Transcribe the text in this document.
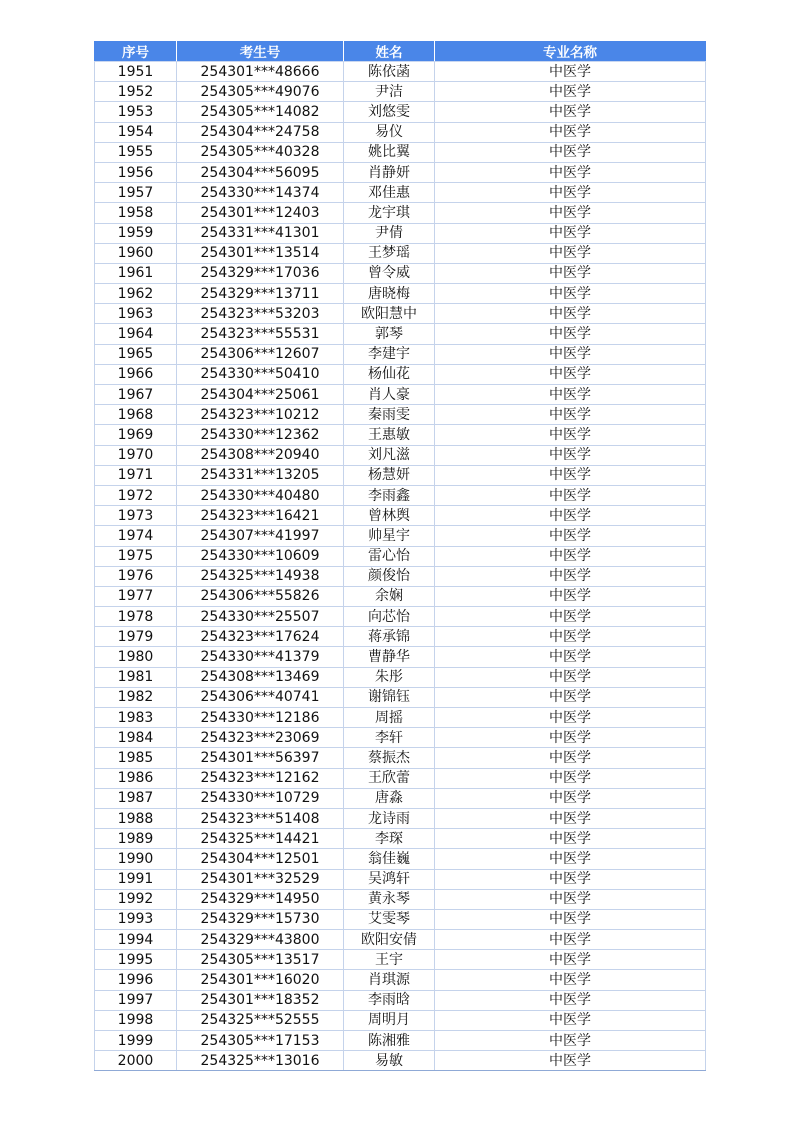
序号	考生号	姓名	专业名称
1951	254301***48666	陈依菡	中医学
1952	254305***49076	尹洁	中医学
1953	254305***14082	刘悠雯	中医学
1954	254304***24758	易仪	中医学
1955	254305***40328	姚比翼	中医学
1956	254304***56095	肖静妍	中医学
1957	254330***14374	邓佳惠	中医学
1958	254301***12403	龙宇琪	中医学
1959	254331***41301	尹倩	中医学
1960	254301***13514	王梦瑶	中医学
1961	254329***17036	曾令威	中医学
1962	254329***13711	唐晓梅	中医学
1963	254323***53203	欧阳慧中	中医学
1964	254323***55531	郭琴	中医学
1965	254306***12607	李建宇	中医学
1966	254330***50410	杨仙花	中医学
1967	254304***25061	肖人豪	中医学
1968	254323***10212	秦雨雯	中医学
1969	254330***12362	王惠敏	中医学
1970	254308***20940	刘凡滋	中医学
1971	254331***13205	杨慧妍	中医学
1972	254330***40480	李雨鑫	中医学
1973	254323***16421	曾林舆	中医学
1974	254307***41997	帅星宇	中医学
1975	254330***10609	雷心怡	中医学
1976	254325***14938	颜俊怡	中医学
1977	254306***55826	余娴	中医学
1978	254330***25507	向芯怡	中医学
1979	254323***17624	蒋承锦	中医学
1980	254330***41379	曹静华	中医学
1981	254308***13469	朱彤	中医学
1982	254306***40741	谢锦钰	中医学
1983	254330***12186	周摇	中医学
1984	254323***23069	李轩	中医学
1985	254301***56397	蔡振杰	中医学
1986	254323***12162	王欣蕾	中医学
1987	254330***10729	唐淼	中医学
1988	254323***51408	龙诗雨	中医学
1989	254325***14421	李琛	中医学
1990	254304***12501	翁佳巍	中医学
1991	254301***32529	吴鸿轩	中医学
1992	254329***14950	黄永琴	中医学
1993	254329***15730	艾雯琴	中医学
1994	254329***43800	欧阳安倩	中医学
1995	254305***13517	王宇	中医学
1996	254301***16020	肖琪源	中医学
1997	254301***18352	李雨晗	中医学
1998	254325***52555	周明月	中医学
1999	254305***17153	陈湘雅	中医学
2000	254325***13016	易敏	中医学
